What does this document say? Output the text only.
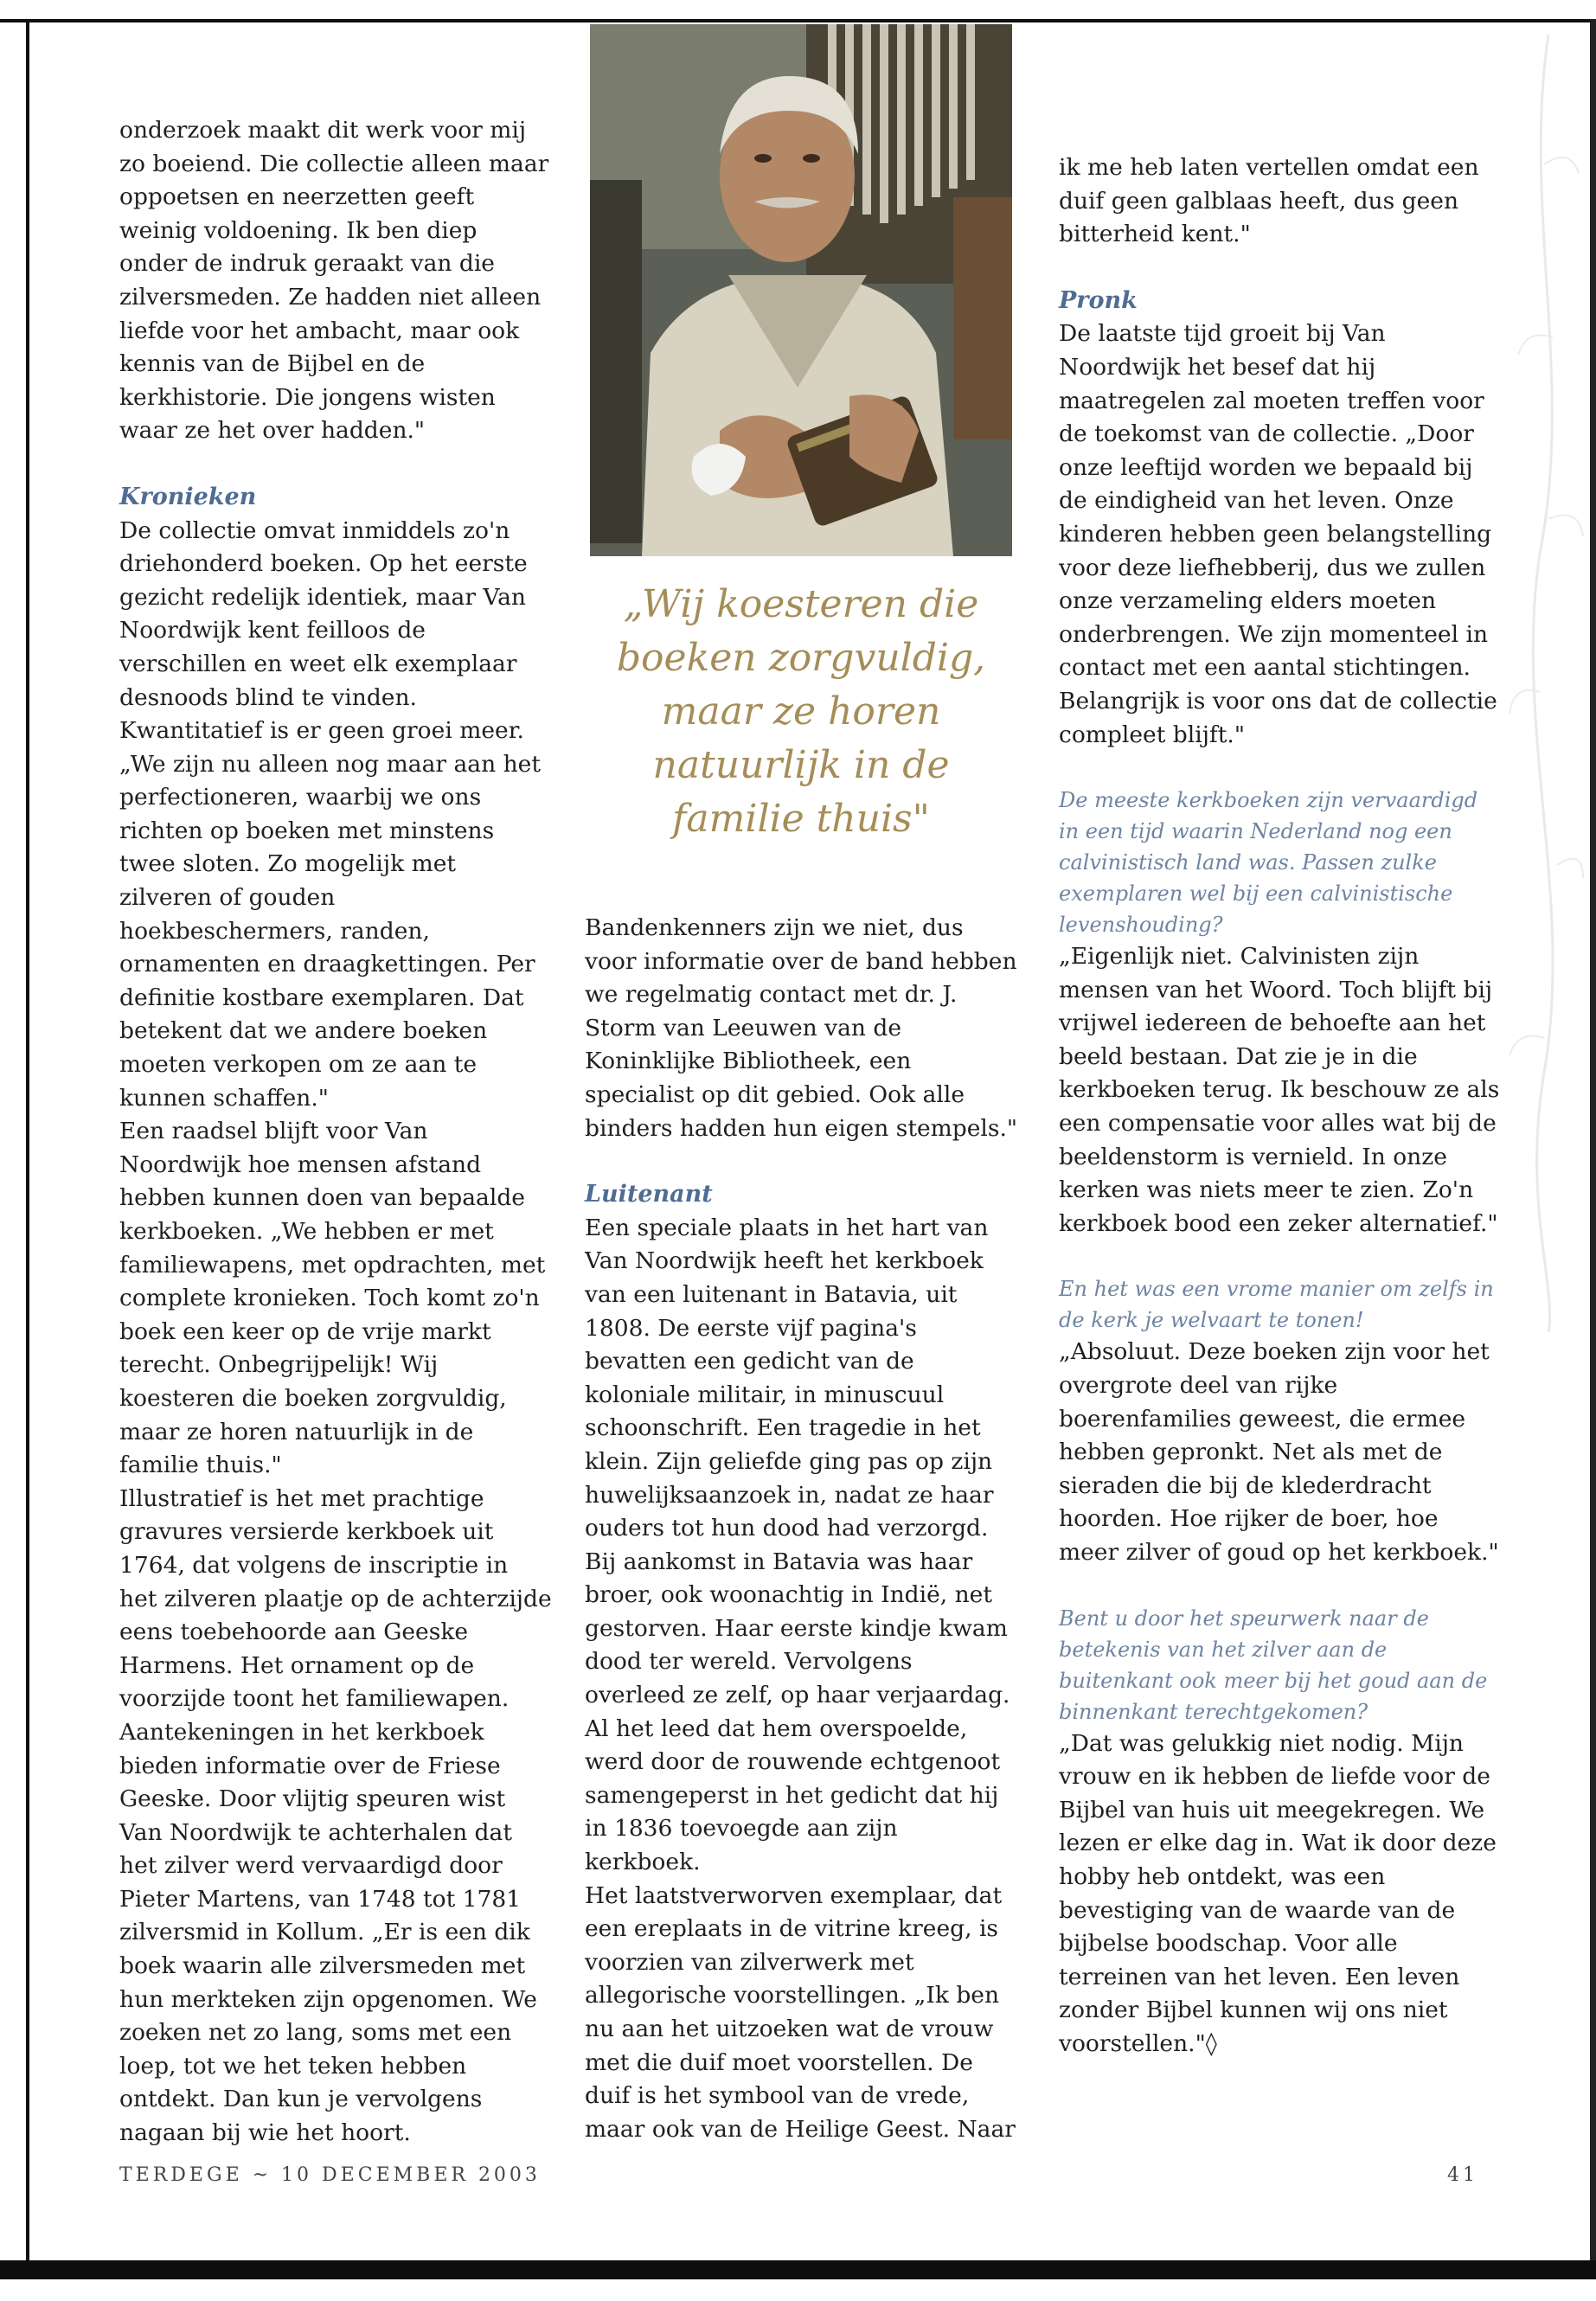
onderzoek maakt dit werk voor mij zo boeiend. Die collectie alleen maar oppoetsen en neerzetten geeft weinig voldoening. Ik ben diep onder de indruk geraakt van die zilversmeden. Ze hadden niet alleen liefde voor het ambacht, maar ook kennis van de Bijbel en de kerkhistorie. Die jongens wisten waar ze het over hadden."

Kronieken

De collectie omvat inmiddels zo'n driehonderd boeken. Op het eerste gezicht redelijk identiek, maar Van Noordwijk kent feilloos de verschillen en weet elk exemplaar desnoods blind te vinden. Kwantitatief is er geen groei meer. „We zijn nu alleen nog maar aan het perfectioneren, waarbij we ons richten op boeken met minstens twee sloten. Zo mogelijk met zilveren of gouden hoekbeschermers, randen, ornamenten en draagkettingen. Per definitie kostbare exemplaren. Dat betekent dat we andere boeken moeten verkopen om ze aan te kunnen schaffen."

Een raadsel blijft voor Van Noordwijk hoe mensen afstand hebben kunnen doen van bepaalde kerkboeken. „We hebben er met familiewapens, met opdrachten, met complete kronieken. Toch komt zo'n boek een keer op de vrije markt terecht. Onbegrijpelijk! Wij koesteren die boeken zorgvuldig, maar ze horen natuurlijk in de familie thuis."

Illustratief is het met prachtige gravures versierde kerkboek uit 1764, dat volgens de inscriptie in het zilveren plaatje op de achterzijde eens toebehoorde aan Geeske Harmens. Het ornament op de voorzijde toont het familiewapen. Aantekeningen in het kerkboek bieden informatie over de Friese Geeske. Door vlijtig speuren wist Van Noordwijk te achterhalen dat het zilver werd vervaardigd door Pieter Martens, van 1748 tot 1781 zilversmid in Kollum. „Er is een dik boek waarin alle zilversmeden met hun merkteken zijn opgenomen. We zoeken net zo lang, soms met een loep, tot we het teken hebben ontdekt. Dan kun je vervolgens nagaan bij wie het hoort.

„Wij koesteren die
boeken zorgvuldig,
maar ze horen
natuurlijk in de
familie thuis"

Bandenkenners zijn we niet, dus voor informatie over de band hebben we regelmatig contact met dr. J. Storm van Leeuwen van de Koninklijke Bibliotheek, een specialist op dit gebied. Ook alle binders hadden hun eigen stempels."

Luitenant

Een speciale plaats in het hart van Van Noordwijk heeft het kerkboek van een luitenant in Batavia, uit 1808. De eerste vijf pagina's bevatten een gedicht van de koloniale militair, in minuscuul schoonschrift. Een tragedie in het klein. Zijn geliefde ging pas op zijn huwelijksaanzoek in, nadat ze haar ouders tot hun dood had verzorgd. Bij aankomst in Batavia was haar broer, ook woonachtig in Indië, net gestorven. Haar eerste kindje kwam dood ter wereld. Vervolgens overleed ze zelf, op haar verjaardag. Al het leed dat hem overspoelde, werd door de rouwende echtgenoot samengeperst in het gedicht dat hij in 1836 toevoegde aan zijn kerkboek.

Het laatstverworven exemplaar, dat een ereplaats in de vitrine kreeg, is voorzien van zilverwerk met allegorische voorstellingen. „Ik ben nu aan het uitzoeken wat de vrouw met die duif moet voorstellen. De duif is het symbool van de vrede, maar ook van de Heilige Geest. Naar

ik me heb laten vertellen omdat een duif geen galblaas heeft, dus geen bitterheid kent."

Pronk

De laatste tijd groeit bij Van Noordwijk het besef dat hij maatregelen zal moeten treffen voor de toekomst van de collectie. „Door onze leeftijd worden we bepaald bij de eindigheid van het leven. Onze kinderen hebben geen belangstelling voor deze liefhebberij, dus we zullen onze verzameling elders moeten onderbrengen. We zijn momenteel in contact met een aantal stichtingen. Belangrijk is voor ons dat de collectie compleet blijft."

De meeste kerkboeken zijn vervaardigd in een tijd waarin Nederland nog een calvinistisch land was. Passen zulke exemplaren wel bij een calvinistische levenshouding?

„Eigenlijk niet. Calvinisten zijn mensen van het Woord. Toch blijft bij vrijwel iedereen de behoefte aan het beeld bestaan. Dat zie je in die kerkboeken terug. Ik beschouw ze als een compensatie voor alles wat bij de beeldenstorm is vernield. In onze kerken was niets meer te zien. Zo'n kerkboek bood een zeker alternatief."

En het was een vrome manier om zelfs in de kerk je welvaart te tonen!

„Absoluut. Deze boeken zijn voor het overgrote deel van rijke boerenfamilies geweest, die ermee hebben gepronkt. Net als met de sieraden die bij de klederdracht hoorden. Hoe rijker de boer, hoe meer zilver of goud op het kerkboek."

Bent u door het speurwerk naar de betekenis van het zilver aan de buitenkant ook meer bij het goud aan de binnenkant terechtgekomen?

„Dat was gelukkig niet nodig. Mijn vrouw en ik hebben de liefde voor de Bijbel van huis uit meegekregen. We lezen er elke dag in. Wat ik door deze hobby heb ontdekt, was een bevestiging van de waarde van de bijbelse boodschap. Voor alle terreinen van het leven. Een leven zonder Bijbel kunnen wij ons niet voorstellen."◊

TERDEGE ~ 10 DECEMBER 2003	41
